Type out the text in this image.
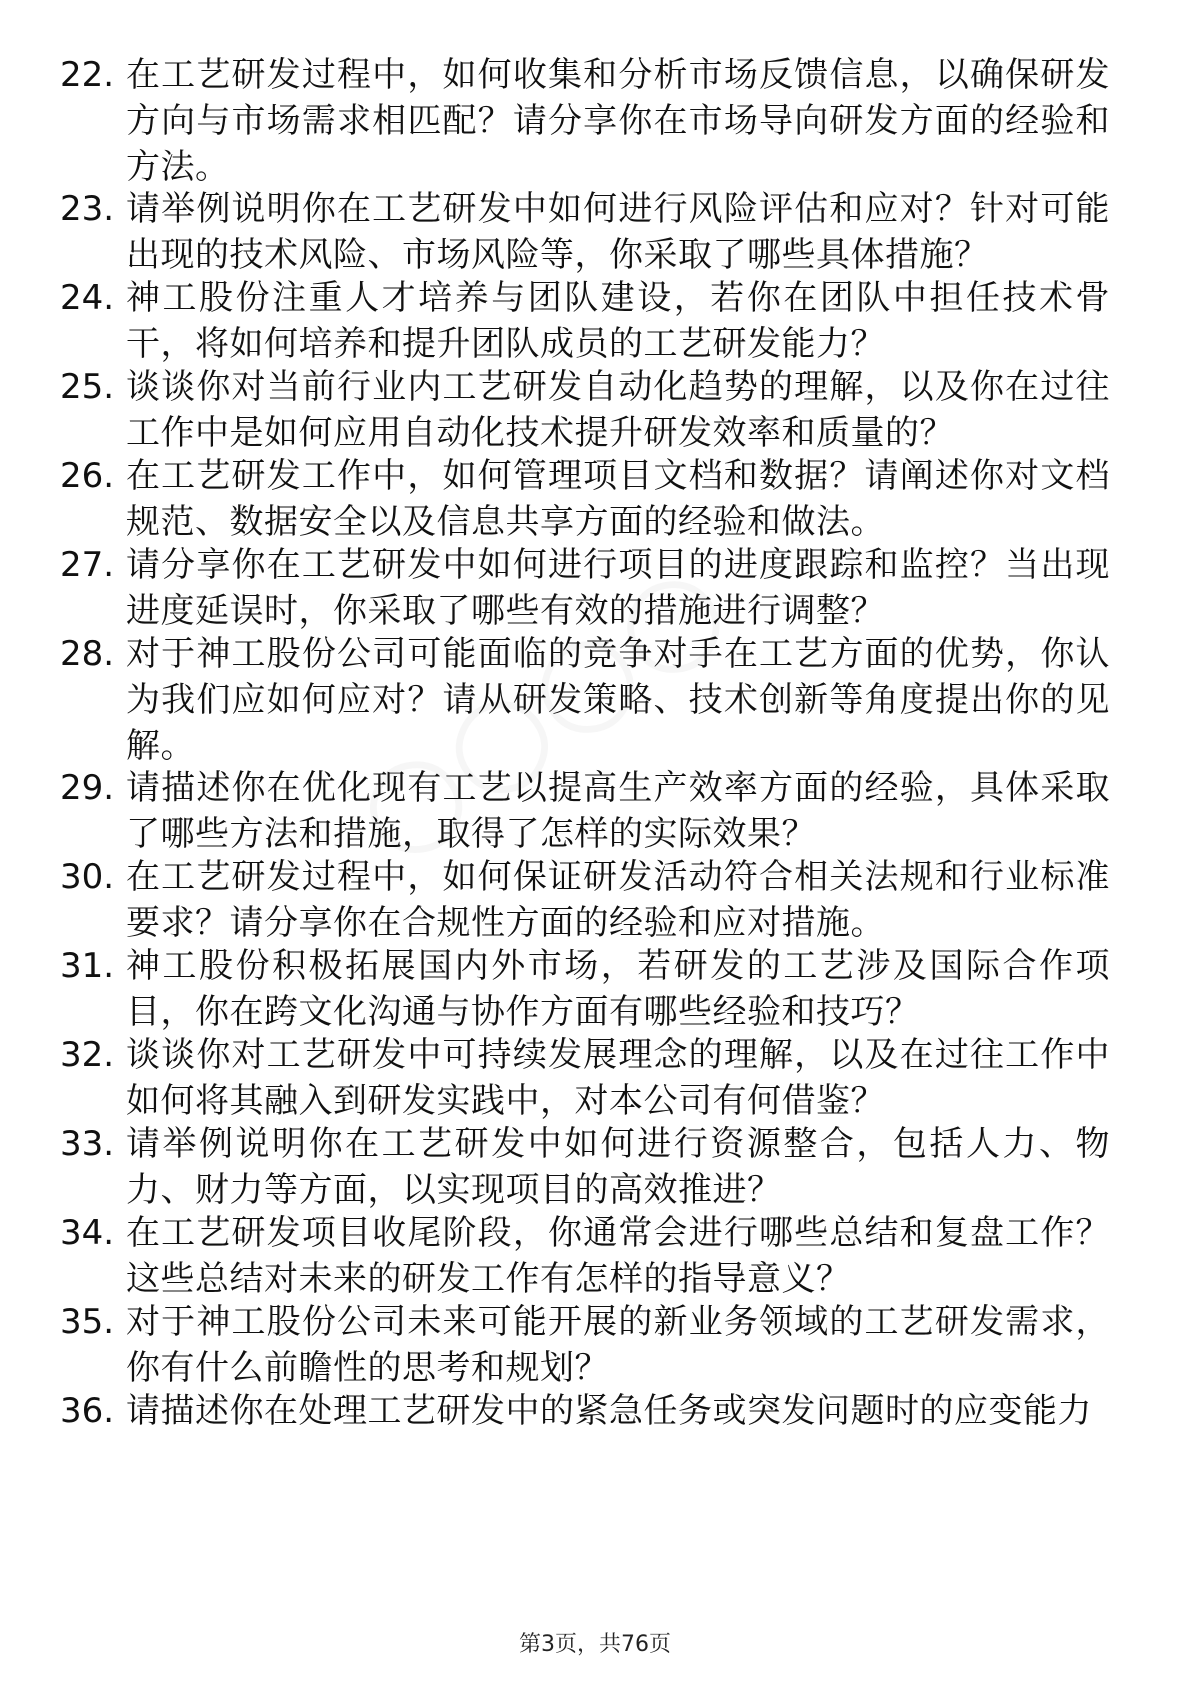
22. 在工艺研发过程中，如何收集和分析市场反馈信息，以确保研发方向与市场需求相匹配？请分享你在市场导向研发方面的经验和方法。
23. 请举例说明你在工艺研发中如何进行风险评估和应对？针对可能出现的技术风险、市场风险等，你采取了哪些具体措施？
24. 神工股份注重人才培养与团队建设，若你在团队中担任技术骨干，将如何培养和提升团队成员的工艺研发能力？
25. 谈谈你对当前行业内工艺研发自动化趋势的理解，以及你在过往工作中是如何应用自动化技术提升研发效率和质量的？
26. 在工艺研发工作中，如何管理项目文档和数据？请阐述你对文档规范、数据安全以及信息共享方面的经验和做法。
27. 请分享你在工艺研发中如何进行项目的进度跟踪和监控？当出现进度延误时，你采取了哪些有效的措施进行调整？
28. 对于神工股份公司可能面临的竞争对手在工艺方面的优势，你认为我们应如何应对？请从研发策略、技术创新等角度提出你的见解。
29. 请描述你在优化现有工艺以提高生产效率方面的经验，具体采取了哪些方法和措施，取得了怎样的实际效果？
30. 在工艺研发过程中，如何保证研发活动符合相关法规和行业标准要求？请分享你在合规性方面的经验和应对措施。
31. 神工股份积极拓展国内外市场，若研发的工艺涉及国际合作项目，你在跨文化沟通与协作方面有哪些经验和技巧？
32. 谈谈你对工艺研发中可持续发展理念的理解，以及在过往工作中如何将其融入到研发实践中，对本公司有何借鉴？
33. 请举例说明你在工艺研发中如何进行资源整合，包括人力、物力、财力等方面，以实现项目的高效推进？
34. 在工艺研发项目收尾阶段，你通常会进行哪些总结和复盘工作？这些总结对未来的研发工作有怎样的指导意义？
35. 对于神工股份公司未来可能开展的新业务领域的工艺研发需求，你有什么前瞻性的思考和规划？
36. 请描述你在处理工艺研发中的紧急任务或突发问题时的应变能力
第3页，共76页
